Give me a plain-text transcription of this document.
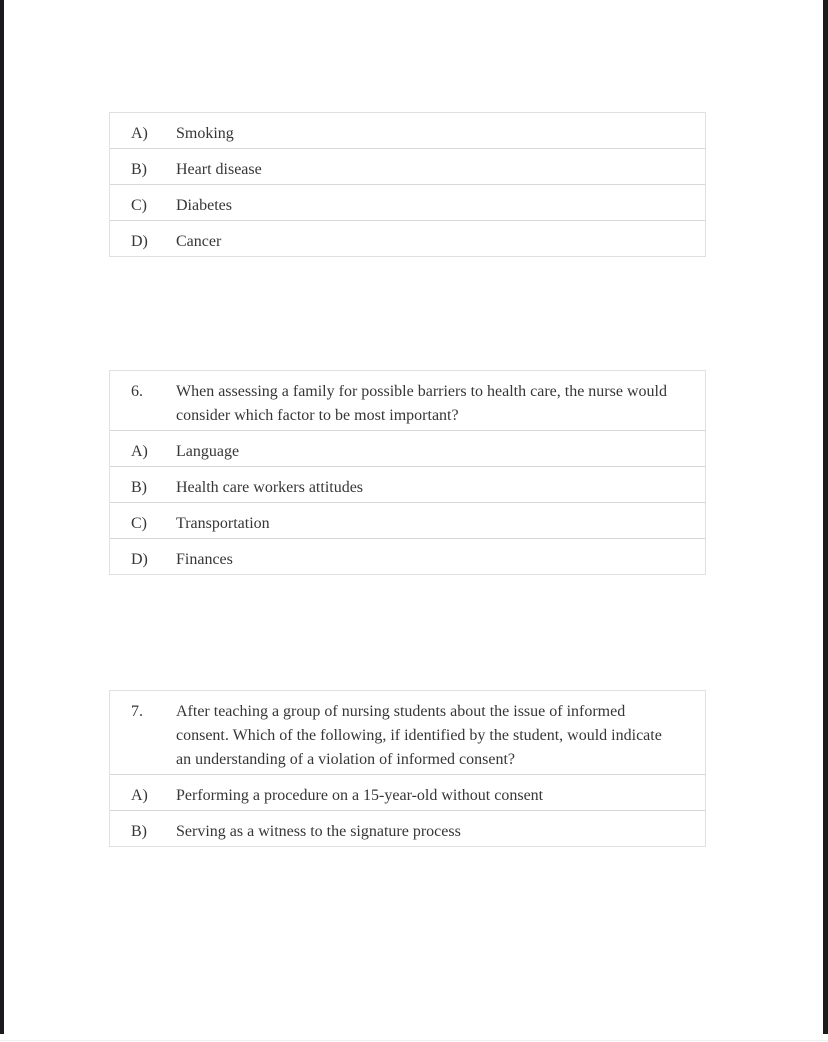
A) Smoking
B) Heart disease
C) Diabetes
D) Cancer
6. When assessing a family for possible barriers to health care, the nurse would consider which factor to be most important?
A) Language
B) Health care workers attitudes
C) Transportation
D) Finances
7. After teaching a group of nursing students about the issue of informed consent. Which of the following, if identified by the student, would indicate an understanding of a violation of informed consent?
A) Performing a procedure on a 15-year-old without consent
B) Serving as a witness to the signature process
